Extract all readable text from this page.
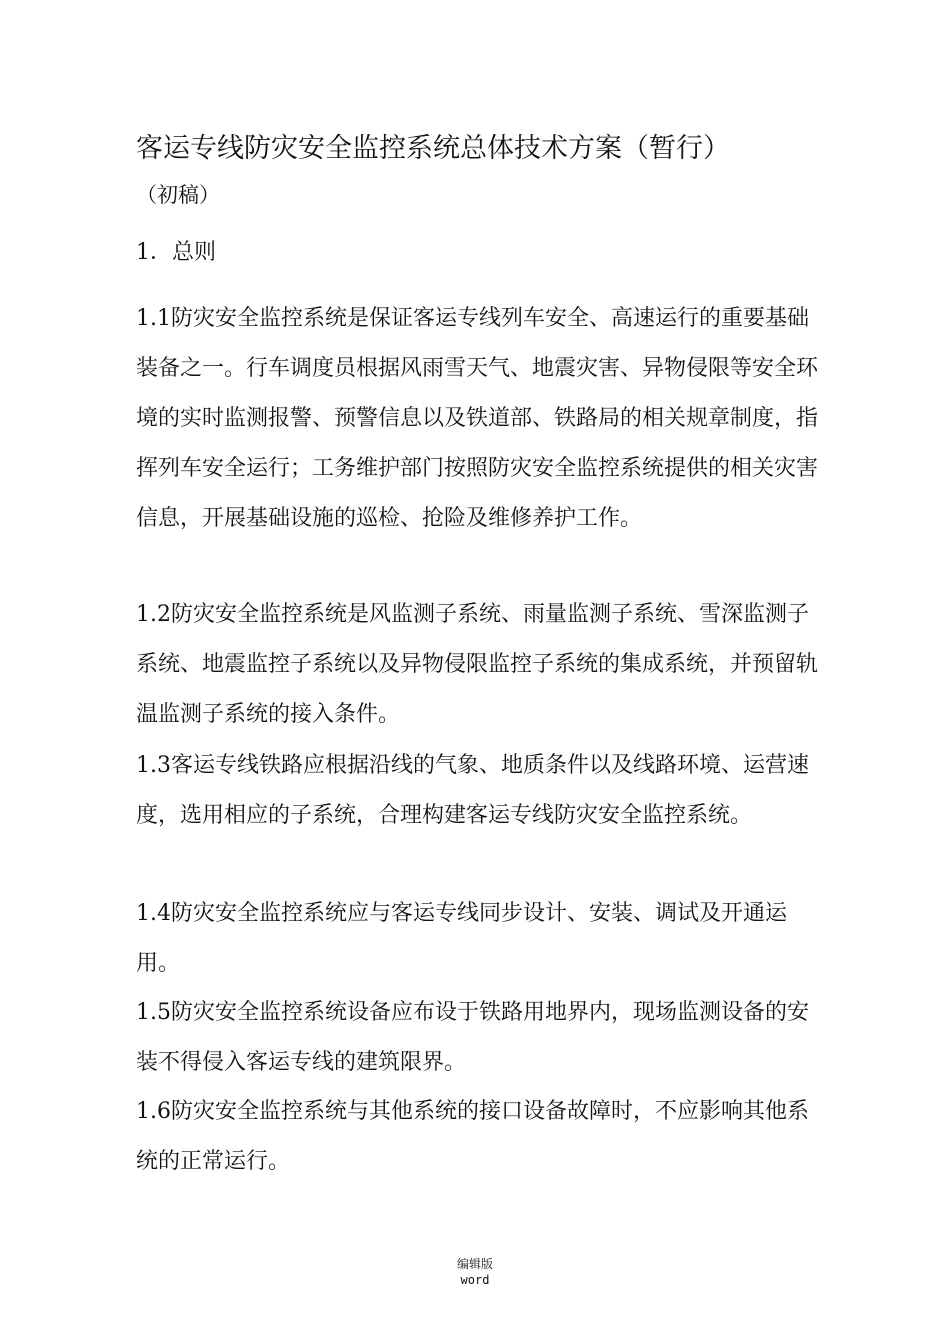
客运专线防灾安全监控系统总体技术方案（暂行）
（初稿）

1．总则

1.1防灾安全监控系统是保证客运专线列车安全、高速运行的重要基础装备之一。行车调度员根据风雨雪天气、地震灾害、异物侵限等安全环境的实时监测报警、预警信息以及铁道部、铁路局的相关规章制度，指挥列车安全运行；工务维护部门按照防灾安全监控系统提供的相关灾害信息，开展基础设施的巡检、抢险及维修养护工作。

1.2防灾安全监控系统是风监测子系统、雨量监测子系统、雪深监测子系统、地震监控子系统以及异物侵限监控子系统的集成系统，并预留轨温监测子系统的接入条件。

1.3客运专线铁路应根据沿线的气象、地质条件以及线路环境、运营速度，选用相应的子系统，合理构建客运专线防灾安全监控系统。

1.4防灾安全监控系统应与客运专线同步设计、安装、调试及开通运用。

1.5防灾安全监控系统设备应布设于铁路用地界内，现场监测设备的安装不得侵入客运专线的建筑限界。

1.6防灾安全监控系统与其他系统的接口设备故障时，不应影响其他系统的正常运行。

编辑版
word
